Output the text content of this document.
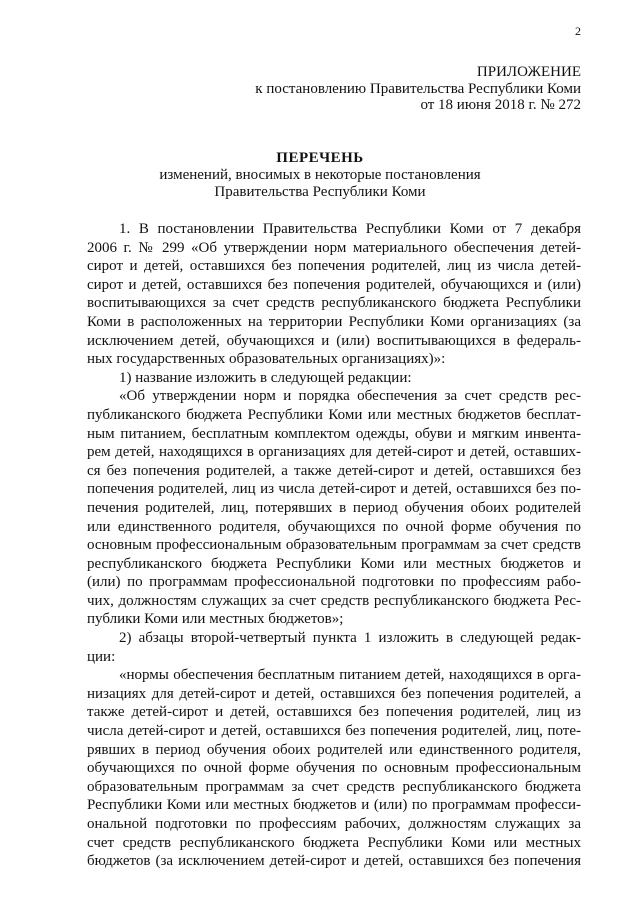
2
ПРИЛОЖЕНИЕ
к постановлению Правительства Республики Коми
от 18 июня 2018 г. № 272
ПЕРЕЧЕНЬ
изменений, вносимых в некоторые постановления
Правительства Республики Коми
1. В постановлении Правительства Республики Коми от 7 декабря
2006 г. № 299 «Об утверждении норм материального обеспечения детей-
сирот и детей, оставшихся без попечения родителей, лиц из числа детей-
сирот и детей, оставшихся без попечения родителей, обучающихся и (или)
воспитывающихся за счет средств республиканского бюджета Республики
Коми в расположенных на территории Республики Коми организациях (за
исключением детей, обучающихся и (или) воспитывающихся в федераль-
ных государственных образовательных организациях)»:
1) название изложить в следующей редакции:
«Об утверждении норм и порядка обеспечения за счет средств рес-
публиканского бюджета Республики Коми или местных бюджетов бесплат-
ным питанием, бесплатным комплектом одежды, обуви и мягким инвента-
рем детей, находящихся в организациях для детей-сирот и детей, оставших-
ся без попечения родителей, а также детей-сирот и детей, оставшихся без
попечения родителей, лиц из числа детей-сирот и детей, оставшихся без по-
печения родителей, лиц, потерявших в период обучения обоих родителей
или единственного родителя, обучающихся по очной форме обучения по
основным профессиональным образовательным программам за счет средств
республиканского бюджета Республики Коми или местных бюджетов и
(или) по программам профессиональной подготовки по профессиям рабо-
чих, должностям служащих за счет средств республиканского бюджета Рес-
публики Коми или местных бюджетов»;
2) абзацы второй-четвертый пункта 1 изложить в следующей редак-
ции:
«нормы обеспечения бесплатным питанием детей, находящихся в орга-
низациях для детей-сирот и детей, оставшихся без попечения родителей, а
также детей-сирот и детей, оставшихся без попечения родителей, лиц из
числа детей-сирот и детей, оставшихся без попечения родителей, лиц, поте-
рявших в период обучения обоих родителей или единственного родителя,
обучающихся по очной форме обучения по основным профессиональным
образовательным программам за счет средств республиканского бюджета
Республики Коми или местных бюджетов и (или) по программам професси-
ональной подготовки по профессиям рабочих, должностям служащих за
счет средств республиканского бюджета Республики Коми или местных
бюджетов (за исключением детей-сирот и детей, оставшихся без попечения
